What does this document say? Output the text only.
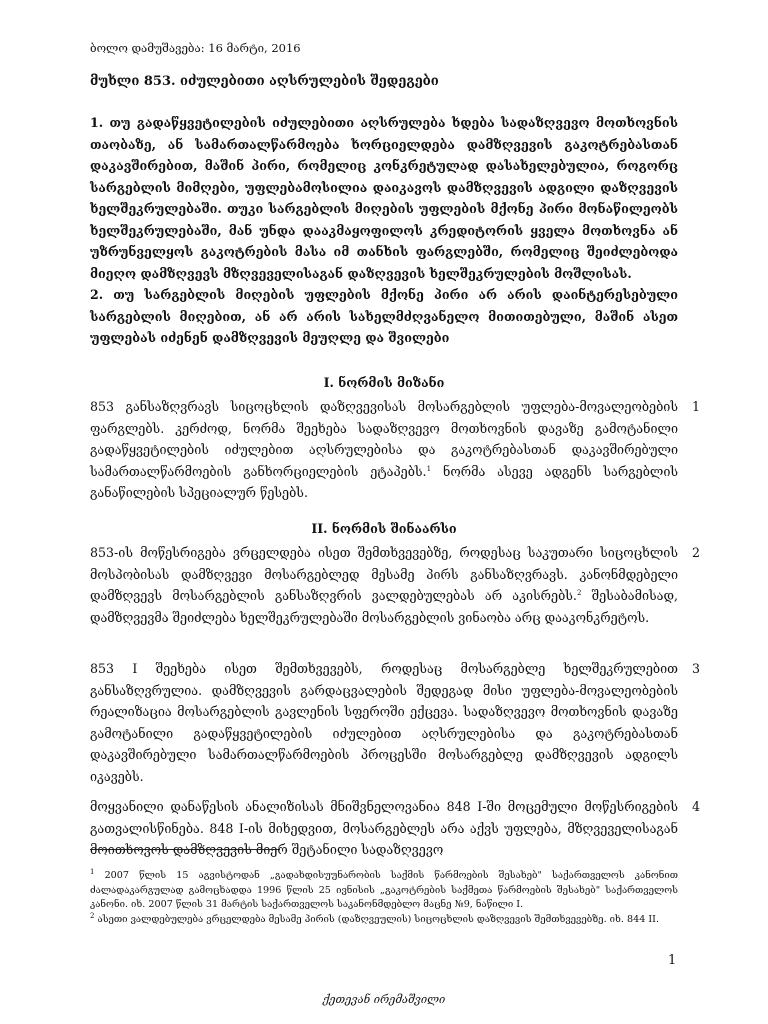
ბოლო დამუშავება: 16 მარტი, 2016
მუხლი 853. იძულებითი აღსრულების შედეგები

1. თუ გადაწყვეტილების იძულებითი აღსრულება ხდება სადაზღვევო მოთხოვნის თაობაზე, ან სამართალწარმოება ხორციელდება დამზღვევის გაკოტრებასთან დაკავშირებით, მაშინ პირი, რომელიც კონკრეტულად დასახელებულია, როგორც სარგებლის მიმღები, უფლებამოსილია დაიკავოს დამზღვევის ადგილი დაზღვევის ხელშეკრულებაში. თუკი სარგებლის მიღების უფლების მქონე პირი მონაწილეობს ხელშეკრულებაში, მან უნდა დააკმაყოფილოს კრედიტორის ყველა მოთხოვნა ან უზრუნველყოს გაკოტრების მასა იმ თანხის ფარგლებში, რომელიც შეიძლებოდა მიეღო დამზღვევს მზღვეველისაგან დაზღვევის ხელშეკრულების მოშლისას.

2. თუ სარგებლის მიღების უფლების მქონე პირი არ არის დაინტერესებული სარგებლის მიღებით, ან არ არის სახელმძღვანელო მითითებული, მაშინ ასეთ უფლებას იძენენ დამზღვევის მეუღლე და შვილები

I. ნორმის მიზანი

853 განსაზღვრავს სიცოცხლის დაზღვევისას მოსარგებლის უფლება-მოვალეობების ფარგლებს. კერძოდ, ნორმა შეეხება სადაზღვევო მოთხოვნის დავაზე გამოტანილი გადაწყვეტილების იძულებით აღსრულებისა და გაკოტრებასთან დაკავშირებული სამართალწარმოების განხორციელების ეტაპებს.$^1$ ნორმა ასევე ადგენს სარგებლის განაწილების სპეციალურ წესებს.

1
II. ნორმის შინაარსი

853-ის მოწესრიგება ვრცელდება ისეთ შემთხვევებზე, როდესაც საკუთარი სიცოცხლის მოსპობისას დამზღვევი მოსარგებლედ მესამე პირს განსაზღვრავს. კანონმდებელი დამზღვევს მოსარგებლის განსაზღვრის ვალდებულებას არ აკისრებს.$^2$ შესაბამისად, დამზღვევმა შეიძლება ხელშეკრულებაში მოსარგებლის ვინაობა არც დააკონკრეტოს.

2

853 I შეეხება ისეთ შემთხვევებს, როდესაც მოსარგებლე ხელშეკრულებით განსაზღვრულია. დამზღვევის გარდაცვალების შედეგად მისი უფლება-მოვალეობების რეალიზაცია მოსარგებლის გავლენის სფეროში ექცევა. სადაზღვევო მოთხოვნის დავაზე გამოტანილი გადაწყვეტილების იძულებით აღსრულებისა და გაკოტრებასთან დაკავშირებული სამართალწარმოების პროცესში მოსარგებლე დამზღვევის ადგილს იკავებს.

3

მოყვანილი დანაწესის ანალიზისას მნიშვნელოვანია 848 I-ში მოცემული მოწესრიგების გათვალისწინება. 848 I-ის მიხედვით, მოსარგებლეს არა აქვს უფლება, მზღვეველისაგან მოითხოვოს დამზღვევის მიერ შეტანილი სადაზღვევო

4

$^1$ 2007 წლის 15 აგვისტოდან „გადახდისუუნარობის საქმის წარმოების შესახებ" საქართველოს კანონით ძალადაკარგულად გამოცხადდა 1996 წლის 25 ივნისის „გაკოტრების საქმეთა წარმოების შესახებ" საქართველოს კანონი. იხ. 2007 წლის 31 მარტის საქართველოს საკანონმდებლო მაცნე №9, ნაწილი I.

$^2$ ასეთი ვალდებულება ვრცელდება მესამე პირის (დაზღვეულის) სიცოცხლის დაზღვევის შემთხვევებზე. იხ. 844 II.

1
ქეთევან ირემაშვილი
